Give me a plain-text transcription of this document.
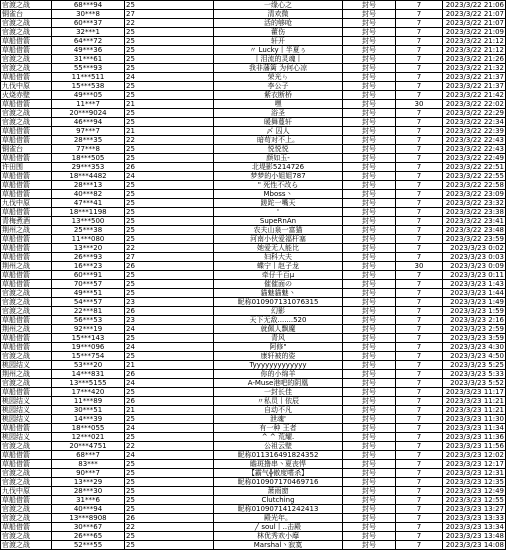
官渡之战	68***94	25	一缘心之	封号	7	2023/3/22 21:06
铜雀台	30***8	27	清欢微	封号	7	2023/3/22 21:07
官渡之战	60***37	22	活的够呛	封号	7	2023/3/22 21:07
官渡之战	32***1	25	藿伤	封号	7	2023/3/22 21:09
草船借箭	64***72	25	轩开	封号	7	2023/3/22 21:12
草船借箭	49***36	25	〃 Lucky丨半夏ぅ	封号	7	2023/3/22 21:12
官渡之战	31***61	25	丨泪流的灵魂丨	封号	7	2023/3/22 21:26
官渡之战	55***93	25	我非藩篱 为何心凉	封号	7	2023/3/22 21:32
草船借箭	11***511	24	荣光ㄣ	封号	7	2023/3/22 21:37
九伐中原	15***538	25	李公子	封号	7	2023/3/22 21:37
火烧赤壁	49***05	25	紫衣断桥	封号	7	2023/3/22 21:42
草船借箭	11***7	21	嘿	封号	30	2023/3/22 22:02
官渡之战	20***9024	25	浴圣	封号	7	2023/3/22 22:29
官渡之战	46***94	25	暖舞蔓轩	封号	7	2023/3/22 22:34
草船借箭	97***7	21	〆 囚人	封号	7	2023/3/22 22:39
草船借箭	28***35	22	暗苟对不上。	封号	7	2023/3/22 22:43
铜雀台	77***8	25	悦悦悦	封号	7	2023/3/22 22:43
草船借箭	18***505	25	颜如玉-	封号	7	2023/3/22 22:49
许田围	29***353	26	北堤影5214726	封号	7	2023/3/22 22:51
草船借箭	18***4482	24	梦梦的小姐姐787	封号	7	2023/3/22 22:55
草船借箭	28***13	25	" 死性不改ら	封号	7	2023/3/22 22:58
草船借箭	40***82	25	Mboss丶	封号	7	2023/3/22 23:09
九伐中原	47***41	25	蹉跎一嘴天	封号	7	2023/3/22 23:32
草船借箭	18***1198	25	'	封号	7	2023/3/22 23:38
青梅煮酒	13***500	25	SupeRnAn	封号	7	2023/3/22 23:41
荆州之战	25***38	25	农夫山泉一富猫	封号	7	2023/3/22 23:48
草船借箭	11***080	25	河南小伙爱福杆塞	封号	7	2023/3/22 23:59
草船借箭	13***20	22	她爱无人能比	封号	7	2023/3/23 0:02
草船借箭	26***93	27	妇科大夫	封号	7	2023/3/23 0:03
荆州之战	16***23	26	蝶宁丨赵子龙	封号	30	2023/3/23 0:09
草船借箭	60***91	25	牵仔千百μ	封号	7	2023/3/23 0:11
草船借箭	70***57	25	催催面の	封号	7	2023/3/23 1:43
官渡之战	49***51	25	貓魅貓魅丶	封号	7	2023/3/23 1:44
官渡之战	54***57	23	昵称010907131076315	封号	7	2023/3/23 1:49
官渡之战	22***81	26	幻影	封号	7	2023/3/23 1:59
草船借箭	56***53	23	天下无敌.......520	封号	7	2023/3/23 2:16
荆州之战	92***19	24	就佩人飘魔	封号	7	2023/3/23 2:59
草船借箭	15***143	25	青风	封号	7	2023/3/23 3:59
草船借箭	19***096	24	阿修"	封号	7	2023/3/23 4:30
官渡之战	15***754	25	康轩被的姿	封号	7	2023/3/23 4:50
桃园结义	53***20	21	Tyyyyyyyyyyyyy	封号	7	2023/3/23 5:25
荆州之战	14***831	26	你的小绵羊	封号	7	2023/3/23 5:33
官渡之战	13***5155	24	A-Muse港吧的阴凰	封号	7	2023/3/23 5:52
草船借箭	17***420	25	一封长佳	封号	7	2023/3/23 11:17
桃园结义	11***89	26	〃私员丨依辰	封号	7	2023/3/23 11:21
桃园结义	30***51	21	自动不凡	封号	7	2023/3/23 11:21
桃园结义	14***39	25	泄魂'	封号	7	2023/3/23 11:30
草船借箭	18***055	24	有一种 王者	封号	7	2023/3/23 11:34
桃园结义	12***021	25	^ ^ 荒耀.	封号	7	2023/3/23 11:36
官渡之战	20***4751	22	公祖云壁	封号	7	2023/3/23 11:56
草船借箭	68***7	24	昵称011316491824352	封号	7	2023/3/23 12:02
草船借箭	83***	25	瞻斑撸串丶夏丧悍	封号	7	2023/3/23 12:17
官渡之战	90***7	25	【霸气╬傲度嗜杀】	封号	7	2023/3/23 12:31
官渡之战	13***29	25	昵称010907170469716	封号	7	2023/3/23 12:35
九伐中原	28***30	25	萧雨窗	封号	7	2023/3/23 12:49
草船借箭	31***6	25	Clutching	封号	7	2023/3/23 12:55
官渡之战	40***94	25	昵称010907141242413	封号	7	2023/3/23 13:27
官渡之战	13***8908	26	殿光年。	封号	7	2023/3/23 13:33
草船借箭	30***67	22	╱ soul丨..击殿	封号	7	2023/3/23 13:34
官渡之战	26***65	25	林优秀欢小靡	封号	7	2023/3/23 13:48
官渡之战	52***55	25	Marshal丶寂寞	封号	7	2023/3/23 14:08
